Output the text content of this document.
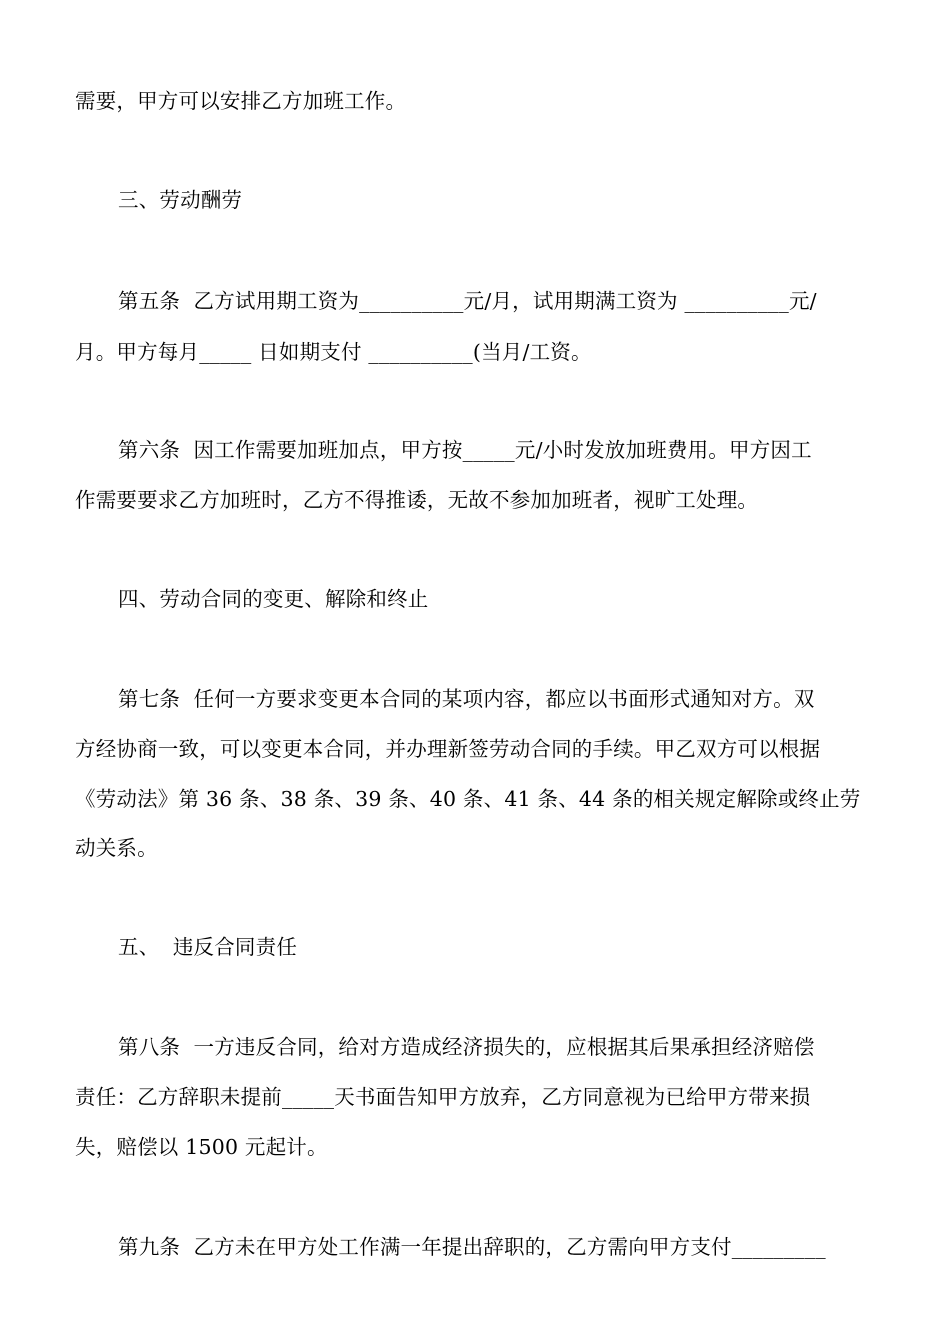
需要，甲方可以安排乙方加班工作。
三、劳动酬劳
第五条  乙方试用期工资为__________元/月，试用期满工资为 __________元/
月。甲方每月_____ 日如期支付 __________(当月/工资。
第六条  因工作需要加班加点，甲方按_____元/小时发放加班费用。甲方因工
作需要要求乙方加班时，乙方不得推诿，无故不参加加班者，视旷工处理。
四、劳动合同的变更、解除和终止
第七条  任何一方要求变更本合同的某项内容，都应以书面形式通知对方。双
方经协商一致，可以变更本合同，并办理新签劳动合同的手续。甲乙双方可以根据
《劳动法》第 36 条、38 条、39 条、40 条、41 条、44 条的相关规定解除或终止劳
动关系。
五、  违反合同责任
第八条  一方违反合同，给对方造成经济损失的，应根据其后果承担经济赔偿
责任：乙方辞职未提前_____天书面告知甲方放弃，乙方同意视为已给甲方带来损
失，赔偿以 1500 元起计。
第九条  乙方未在甲方处工作满一年提出辞职的，乙方需向甲方支付_________
